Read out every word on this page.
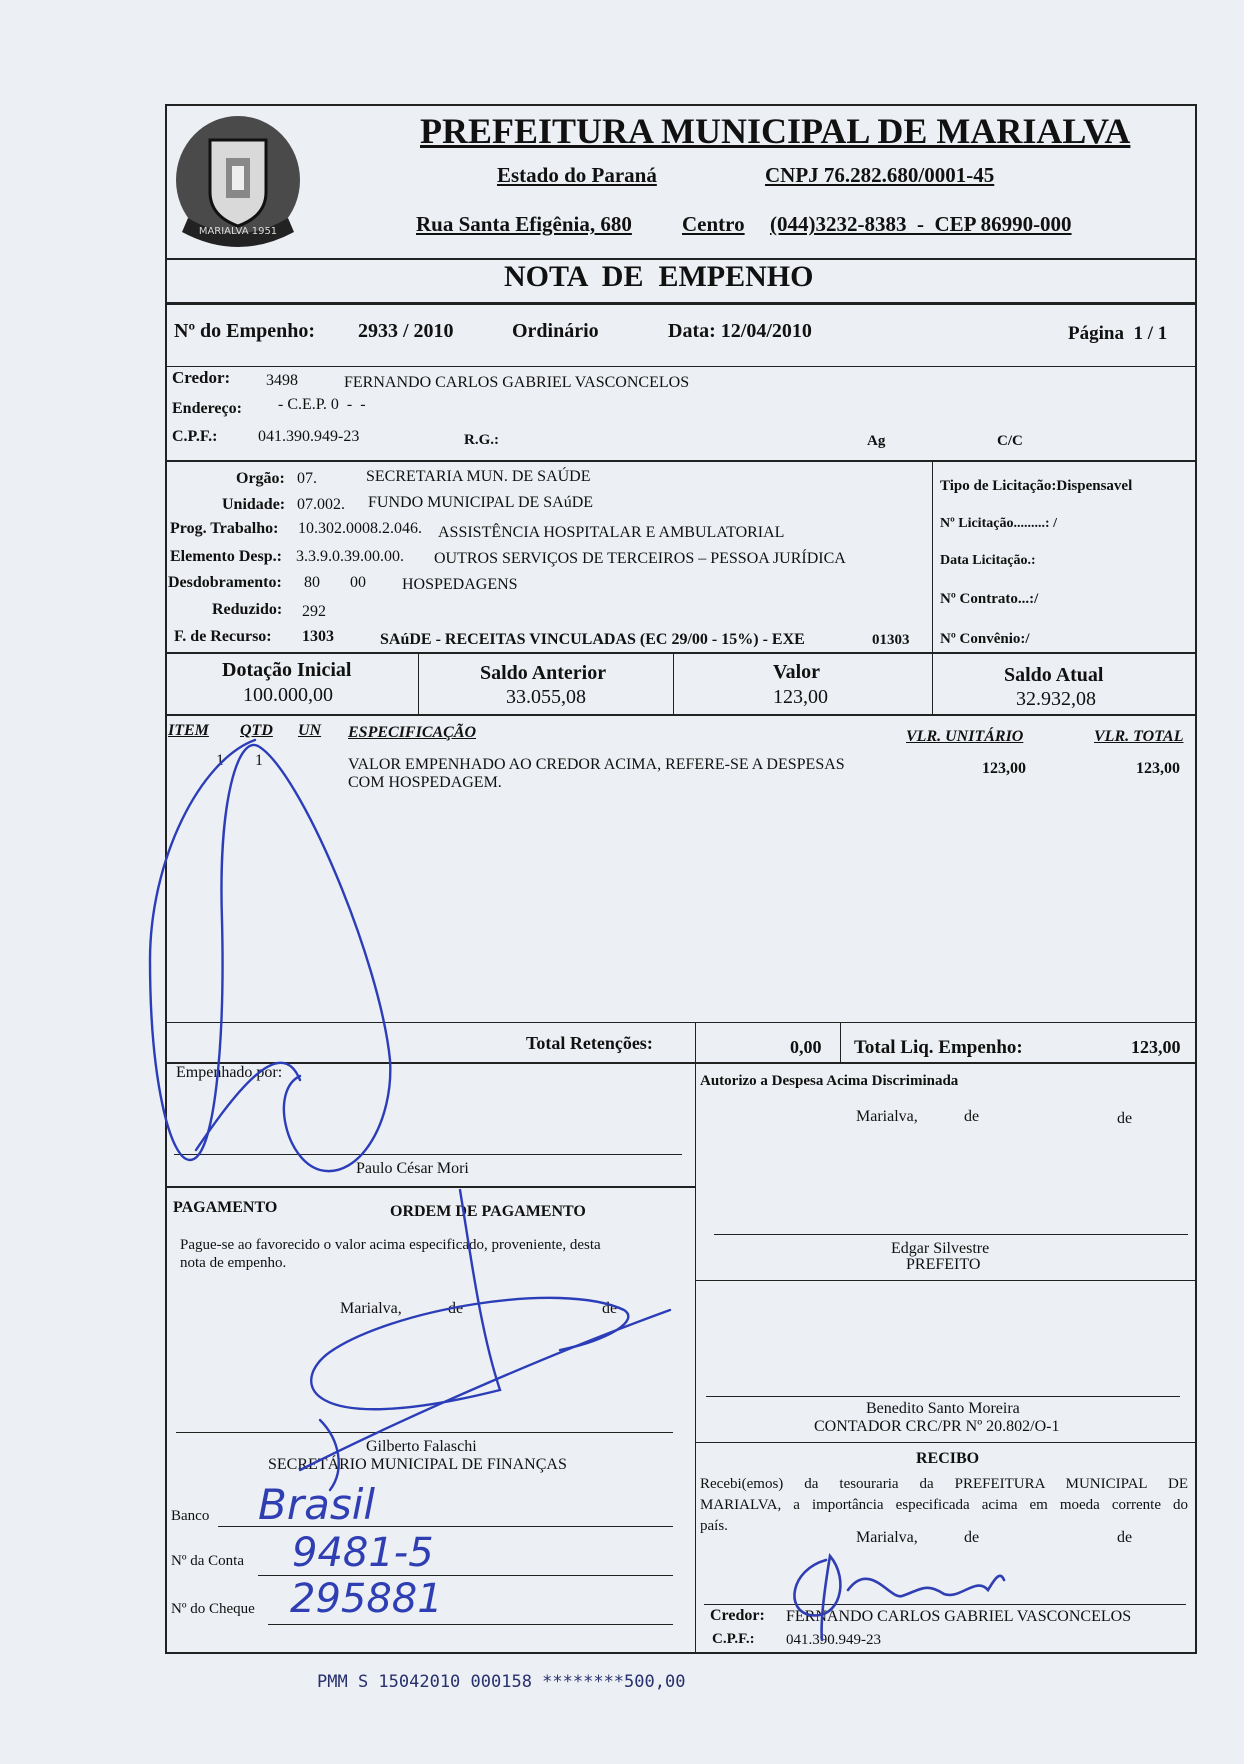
MARIALVA 1951
PREFEITURA MUNICIPAL DE MARIALVA
Estado do Paraná	CNPJ 76.282.680/0001-45
Rua Santa Efigênia, 680 Centro (044)3232-8383  -  CEP 86990-000
NOTA  DE  EMPENHO
Nº do Empenho: 2933 / 2010	Ordinário	Data: 12/04/2010	Página  1 / 1
Credor: 3498	FERNANDO CARLOS GABRIEL VASCONCELOS
Endereço: - C.E.P. 0  -  -
C.P.F.:	041.390.949-23	R.G.:	Ag	C/C
Orgão: 07.	SECRETARIA MUN. DE SAÚDE
Unidade: 07.002. FUNDO MUNICIPAL DE SAúDE
Prog. Trabalho: 10.302.0008.2.046. ASSISTÊNCIA HOSPITALAR E AMBULATORIAL
Elemento Desp.: 3.3.9.0.39.00.00. OUTROS SERVIÇOS DE TERCEIROS – PESSOA JURÍDICA
Desdobramento: 80 00 HOSPEDAGENS
Reduzido: 292
F. de Recurso: 1303	SAúDE - RECEITAS VINCULADAS (EC 29/00 - 15%) - EXE	01303
Tipo de Licitação:Dispensavel
Nº Licitação.........: /
Data Licitação.:
Nº Contrato...:/
Nº Convênio:/
Dotação Inicial
100.000,00
Saldo Anterior
33.055,08
Valor
123,00
Saldo Atual
32.932,08
ITEM QTD UN ESPECIFICAÇÃO	VLR. UNITÁRIO	VLR. TOTAL
1 1	VALOR EMPENHADO AO CREDOR ACIMA, REFERE-SE A DESPESAS
COM HOSPEDAGEM.
123,00	123,00
Total Retenções:	0,00 Total Liq. Empenho:	123,00
Empenhado por:
Paulo César Mori
Autorizo a Despesa Acima Discriminada
Marialva,	de	de
Edgar Silvestre
PREFEITO
PAGAMENTO	ORDEM DE PAGAMENTO
Pague-se ao favorecido o valor acima especificado, proveniente, desta
nota de empenho.
Marialva,	de	de
Gilberto Falaschi
SECRETÁRIO MUNICIPAL DE FINANÇAS
Benedito Santo Moreira
CONTADOR CRC/PR Nº 20.802/O-1
Banco Brasil
Nº da Conta 9481-5
Nº do Cheque 295881
RECIBO
Recebi(emos) da tesouraria da PREFEITURA MUNICIPAL DE
MARIALVA, a importância especificada acima em moeda corrente do
país.
Marialva,	de	de
Credor: FERNANDO CARLOS GABRIEL VASCONCELOS
C.P.F.: 041.390.949-23
PMM S 15042010 000158 ********500,00
